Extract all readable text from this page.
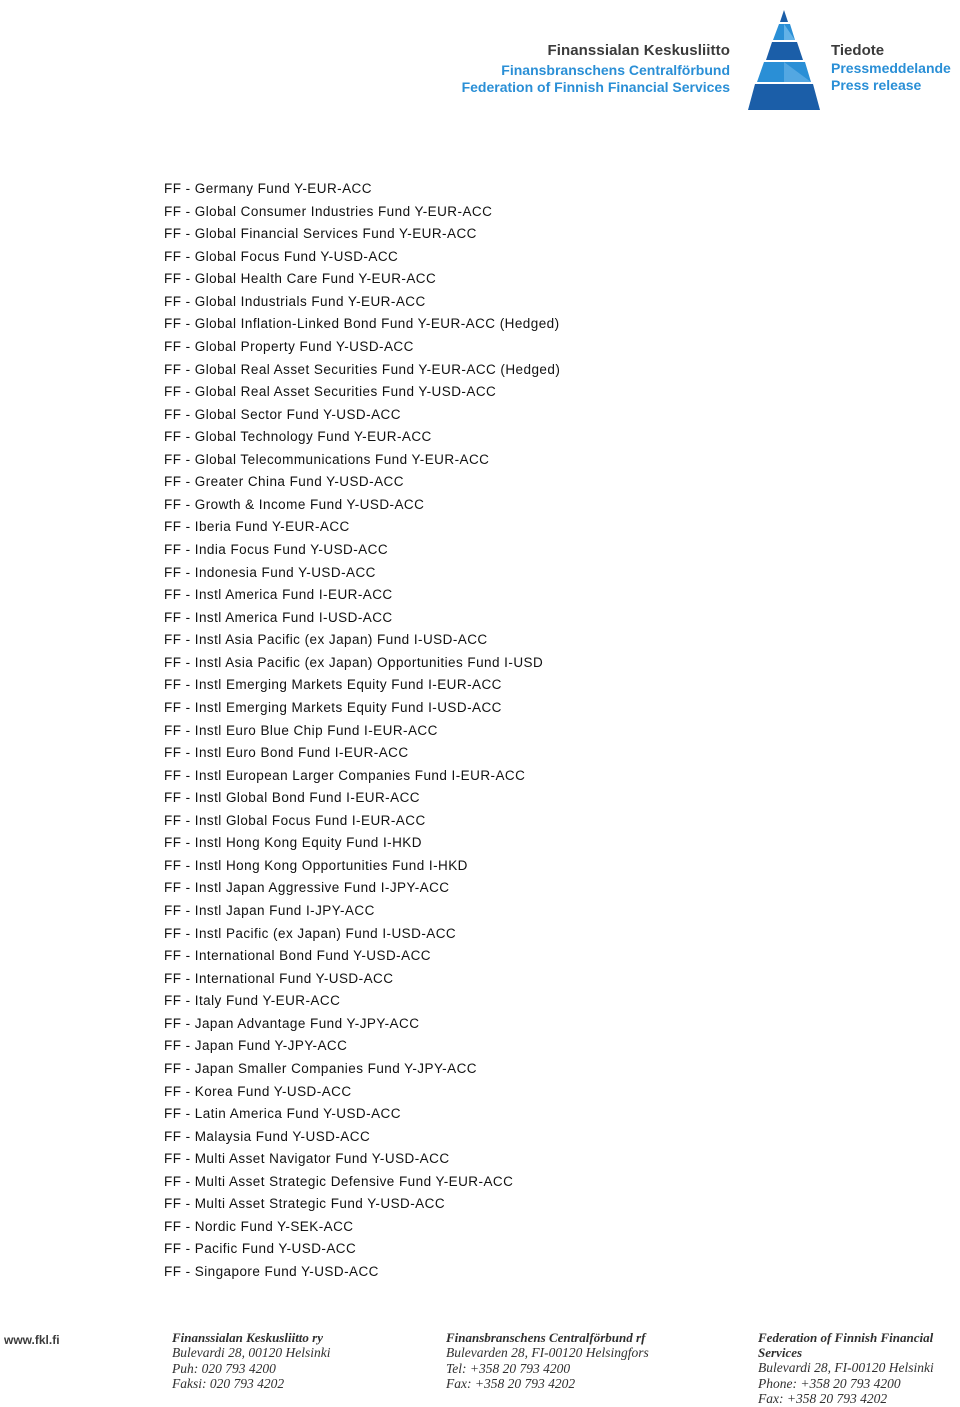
Finanssialan Keskusliitto
Finansbranschens Centralförbund
Federation of Finnish Financial Services
Tiedote
Pressmeddelande
Press release
FF - Germany Fund Y-EUR-ACC
FF - Global Consumer Industries Fund Y-EUR-ACC
FF - Global Financial Services Fund Y-EUR-ACC
FF - Global Focus Fund Y-USD-ACC
FF - Global Health Care Fund Y-EUR-ACC
FF - Global Industrials Fund Y-EUR-ACC
FF - Global Inflation-Linked Bond Fund Y-EUR-ACC (Hedged)
FF - Global Property Fund Y-USD-ACC
FF - Global Real Asset Securities Fund Y-EUR-ACC (Hedged)
FF - Global Real Asset Securities Fund Y-USD-ACC
FF - Global Sector Fund Y-USD-ACC
FF - Global Technology Fund Y-EUR-ACC
FF - Global Telecommunications Fund Y-EUR-ACC
FF - Greater China Fund Y-USD-ACC
FF - Growth & Income Fund Y-USD-ACC
FF - Iberia Fund Y-EUR-ACC
FF - India Focus Fund Y-USD-ACC
FF - Indonesia Fund Y-USD-ACC
FF - Instl America Fund I-EUR-ACC
FF - Instl America Fund I-USD-ACC
FF - Instl Asia Pacific (ex Japan) Fund I-USD-ACC
FF - Instl Asia Pacific (ex Japan) Opportunities Fund I-USD
FF - Instl Emerging Markets Equity Fund I-EUR-ACC
FF - Instl Emerging Markets Equity Fund I-USD-ACC
FF - Instl Euro Blue Chip Fund I-EUR-ACC
FF - Instl Euro Bond Fund I-EUR-ACC
FF - Instl European Larger Companies Fund I-EUR-ACC
FF - Instl Global Bond Fund I-EUR-ACC
FF - Instl Global Focus Fund I-EUR-ACC
FF - Instl Hong Kong Equity Fund I-HKD
FF - Instl Hong Kong Opportunities Fund I-HKD
FF - Instl Japan Aggressive Fund I-JPY-ACC
FF - Instl Japan Fund I-JPY-ACC
FF - Instl Pacific (ex Japan) Fund I-USD-ACC
FF - International Bond Fund Y-USD-ACC
FF - International Fund Y-USD-ACC
FF - Italy Fund Y-EUR-ACC
FF - Japan Advantage Fund Y-JPY-ACC
FF - Japan Fund Y-JPY-ACC
FF - Japan Smaller Companies Fund Y-JPY-ACC
FF - Korea Fund Y-USD-ACC
FF - Latin America Fund Y-USD-ACC
FF - Malaysia Fund Y-USD-ACC
FF - Multi Asset Navigator Fund Y-USD-ACC
FF - Multi Asset Strategic Defensive Fund Y-EUR-ACC
FF - Multi Asset Strategic Fund Y-USD-ACC
FF - Nordic Fund Y-SEK-ACC
FF - Pacific Fund Y-USD-ACC
FF - Singapore Fund Y-USD-ACC
www.fkl.fi	Finanssialan Keskusliitto ry
Bulevardi 28, 00120 Helsinki
Puh: 020 793 4200
Faksi: 020 793 4202
Finansbranschens Centralförbund rf
Bulevarden 28, FI-00120 Helsingfors
Tel: +358 20 793 4200
Fax: +358 20 793 4202
Federation of Finnish Financial Services
Bulevardi 28, FI-00120 Helsinki
Phone: +358 20 793 4200
Fax: +358 20 793 4202
